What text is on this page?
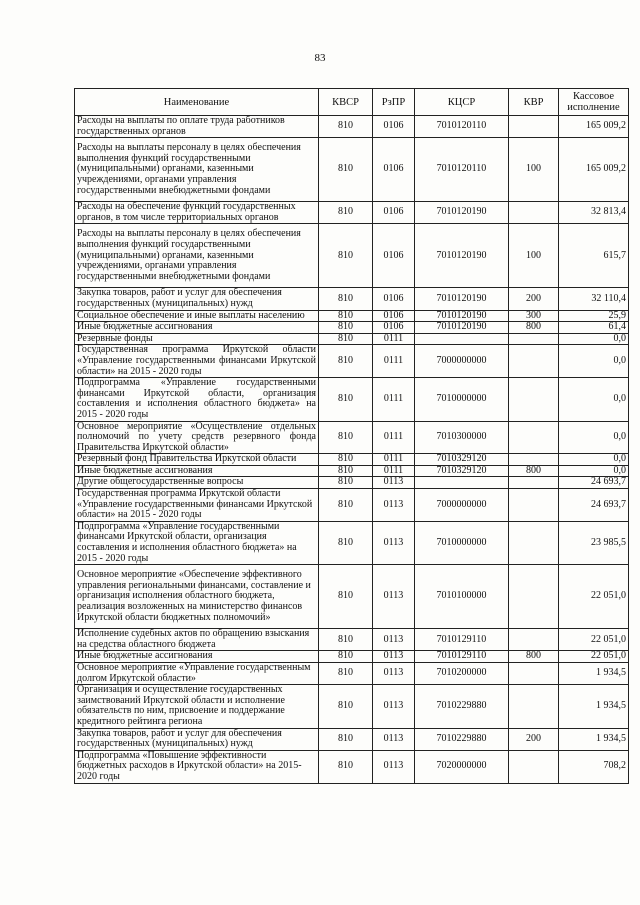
83
Наименование	КВСР	РзПР	КЦСР	КВР	Кассовое исполнение
Расходы на выплаты по оплате труда работников государственных органов	810	0106	7010120110		165 009,2
Расходы на выплаты персоналу в целях обеспечения выполнения функций государственными (муниципальными) органами, казенными учреждениями, органами управления государственными внебюджетными фондами	810	0106	7010120110	100	165 009,2
Расходы на обеспечение функций государственных органов, в том числе территориальных органов	810	0106	7010120190		32 813,4
Расходы на выплаты персоналу в целях обеспечения выполнения функций государственными (муниципальными) органами, казенными учреждениями, органами управления государственными внебюджетными фондами	810	0106	7010120190	100	615,7
Закупка товаров, работ и услуг для обеспечения государственных (муниципальных) нужд	810	0106	7010120190	200	32 110,4
Социальное обеспечение и иные выплаты населению	810	0106	7010120190	300	25,9
Иные бюджетные ассигнования	810	0106	7010120190	800	61,4
Резервные фонды	810	0111			0,0
Государственная программа Иркутской области «Управление государственными финансами Иркутской области» на 2015 - 2020 годы	810	0111	7000000000		0,0
Подпрограмма «Управление государственными финансами Иркутской области, организация составления и исполнения областного бюджета» на 2015 - 2020 годы	810	0111	7010000000		0,0
Основное мероприятие «Осуществление отдельных полномочий по учету средств резервного фонда Правительства Иркутской области»	810	0111	7010300000		0,0
Резервный фонд Правительства Иркутской области	810	0111	7010329120		0,0
Иные бюджетные ассигнования	810	0111	7010329120	800	0,0
Другие общегосударственные вопросы	810	0113			24 693,7
Государственная программа Иркутской области «Управление государственными финансами Иркутской области» на 2015 - 2020 годы	810	0113	7000000000		24 693,7
Подпрограмма «Управление государственными финансами Иркутской области, организация составления и исполнения областного бюджета» на 2015 - 2020 годы	810	0113	7010000000		23 985,5
Основное мероприятие «Обеспечение эффективного управления региональными финансами, составление и организация исполнения областного бюджета, реализация возложенных на министерство финансов Иркутской области бюджетных полномочий»	810	0113	7010100000		22 051,0
Исполнение судебных актов по обращению взыскания на средства областного бюджета	810	0113	7010129110		22 051,0
Иные бюджетные ассигнования	810	0113	7010129110	800	22 051,0
Основное мероприятие «Управление государственным долгом Иркутской области»	810	0113	7010200000		1 934,5
Организация и осуществление государственных заимствований Иркутской области и исполнение обязательств по ним, присвоение и поддержание кредитного рейтинга региона	810	0113	7010229880		1 934,5
Закупка товаров, работ и услуг для обеспечения государственных (муниципальных) нужд	810	0113	7010229880	200	1 934,5
Подпрограмма «Повышение эффективности бюджетных расходов в Иркутской области» на 2015-2020 годы	810	0113	7020000000		708,2
